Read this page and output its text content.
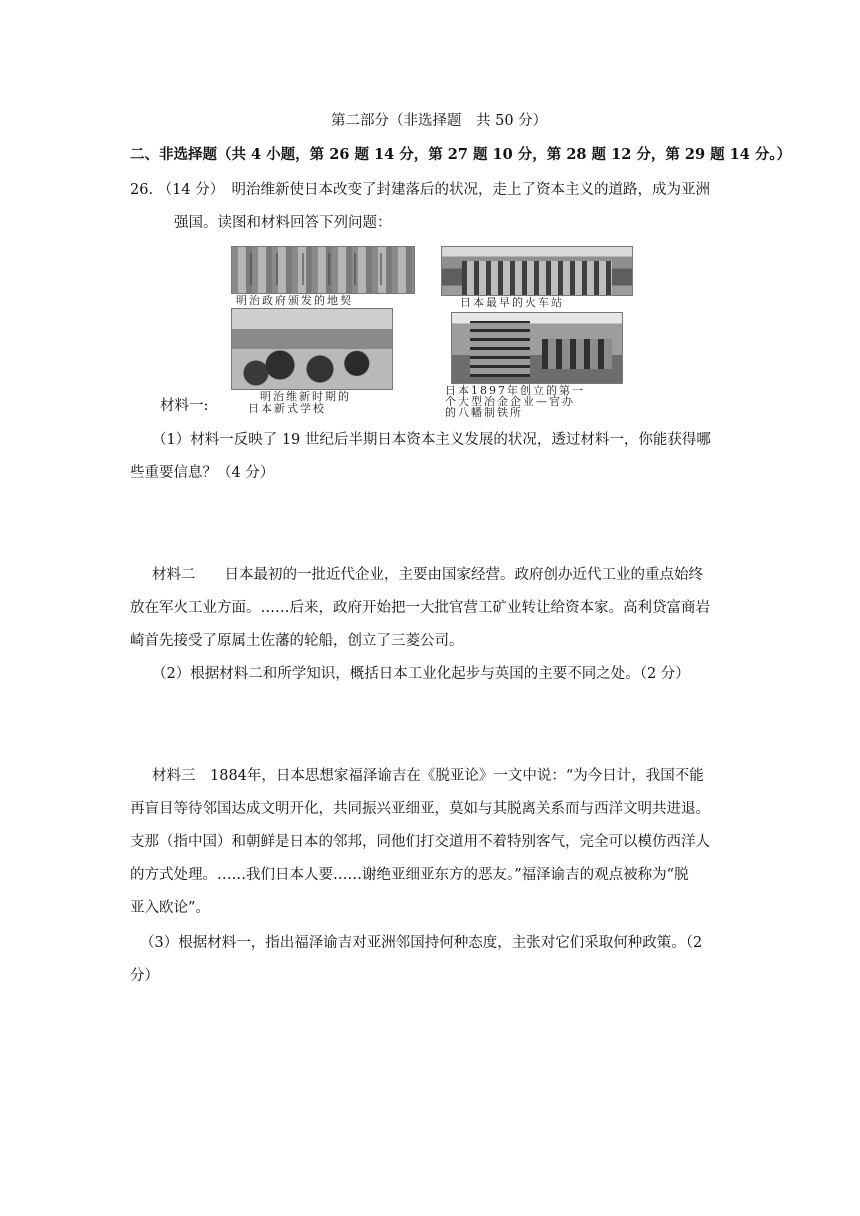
第二部分（非选择题　共 50 分）
二、非选择题（共 4 小题，第 26 题 14 分，第 27 题 10 分，第 28 题 12 分，第 29 题 14 分。）
26. （14 分）　明治维新使日本改变了封建落后的状况，走上了资本主义的道路，成为亚洲
强国。读图和材料回答下列问题：
明治政府颁发的地契	日本最早的火车站
明治维新时期的
日本新式学校
日本1897年创立的第一
个大型冶金企业—官办
的八幡制铁所
材料一:
（1）材料一反映了 19 世纪后半期日本资本主义发展的状况，透过材料一，你能获得哪
些重要信息？（4 分）
材料二　　日本最初的一批近代企业，主要由国家经营。政府创办近代工业的重点始终
放在军火工业方面。……后来，政府开始把一大批官营工矿业转让给资本家。高利贷富商岩
崎首先接受了原属土佐藩的轮船，创立了三菱公司。
（2）根据材料二和所学知识，概括日本工业化起步与英国的主要不同之处。（2 分）
材料三　1884年，日本思想家福泽谕吉在《脱亚论》一文中说：“为今日计，我国不能
再盲目等待邻国达成文明开化，共同振兴亚细亚，莫如与其脱离关系而与西洋文明共进退。
支那（指中国）和朝鲜是日本的邻邦，同他们打交道用不着特别客气，完全可以模仿西洋人
的方式处理。……我们日本人要……谢绝亚细亚东方的恶友。”福泽谕吉的观点被称为“脱
亚入欧论”。
（3）根据材料一，指出福泽谕吉对亚洲邻国持何种态度，主张对它们采取何种政策。（2
分）
